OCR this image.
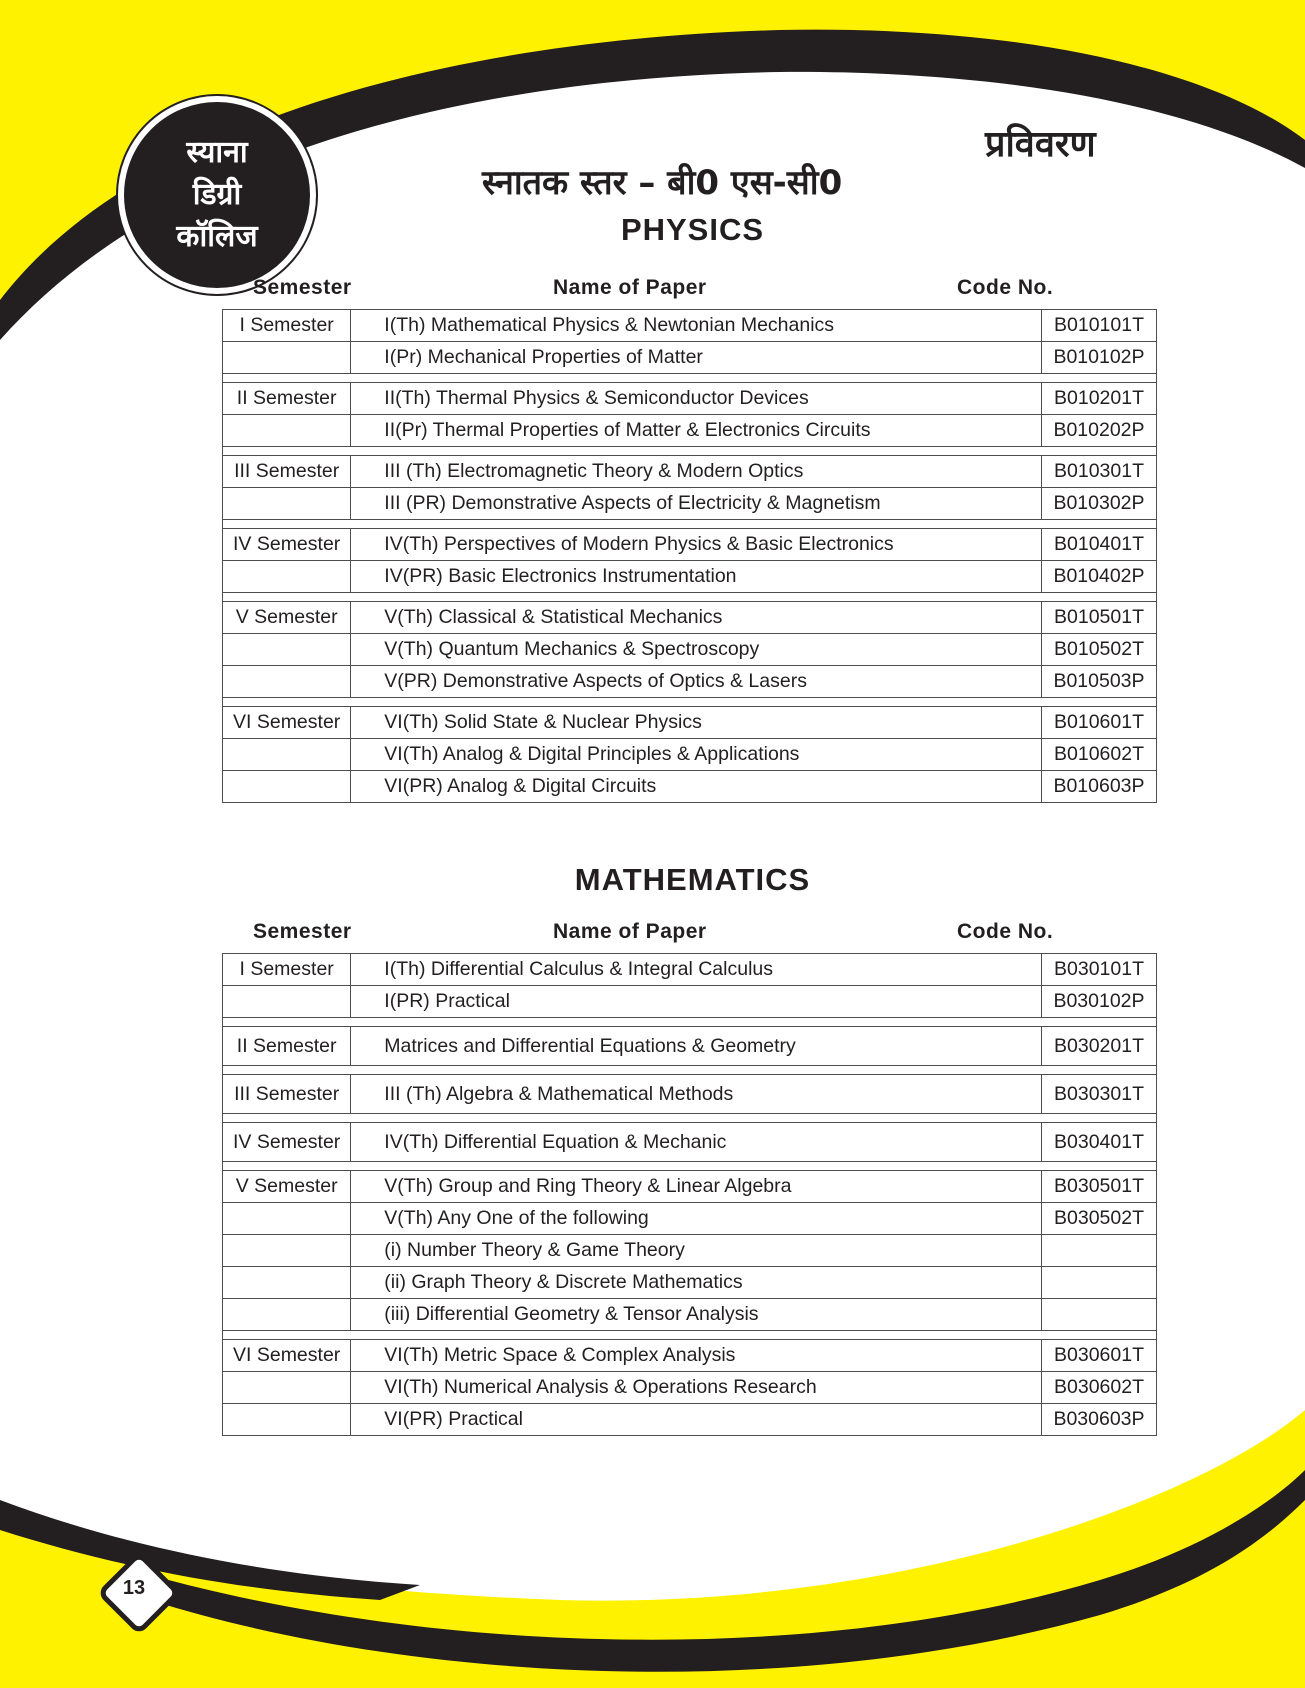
स्याना
डिग्री
कॉलिज
प्रविवरण
स्नातक स्तर – बी0 एस-सी0
PHYSICS
Semester	Name of Paper	Code No.
I Semester	I(Th) Mathematical Physics & Newtonian Mechanics	B010101T
	I(Pr) Mechanical Properties of Matter	B010102P

II Semester	II(Th) Thermal Physics & Semiconductor Devices	B010201T
	II(Pr) Thermal Properties of Matter & Electronics Circuits	B010202P

III Semester	III (Th) Electromagnetic Theory & Modern Optics	B010301T
	III (PR) Demonstrative Aspects of Electricity & Magnetism	B010302P

IV Semester	IV(Th) Perspectives of Modern Physics & Basic Electronics	B010401T
	IV(PR) Basic Electronics Instrumentation	B010402P

V Semester	V(Th) Classical & Statistical Mechanics	B010501T
	V(Th) Quantum Mechanics & Spectroscopy	B010502T
	V(PR) Demonstrative Aspects of Optics & Lasers	B010503P

VI Semester	VI(Th) Solid State & Nuclear Physics	B010601T
	VI(Th) Analog & Digital Principles & Applications	B010602T
	VI(PR) Analog & Digital Circuits	B010603P
MATHEMATICS
Semester	Name of Paper	Code No.
I Semester	I(Th) Differential Calculus & Integral Calculus	B030101T
	I(PR) Practical	B030102P

II Semester	Matrices and Differential Equations & Geometry	B030201T

III Semester	III (Th) Algebra & Mathematical Methods	B030301T

IV Semester	IV(Th) Differential Equation & Mechanic	B030401T

V Semester	V(Th) Group and Ring Theory & Linear Algebra	B030501T
	V(Th) Any One of the following	B030502T
	(i) Number Theory & Game Theory	
	(ii) Graph Theory & Discrete Mathematics	
	(iii) Differential Geometry & Tensor Analysis	

VI Semester	VI(Th) Metric Space & Complex Analysis	B030601T
	VI(Th) Numerical Analysis & Operations Research	B030602T
	VI(PR) Practical	B030603P
13
